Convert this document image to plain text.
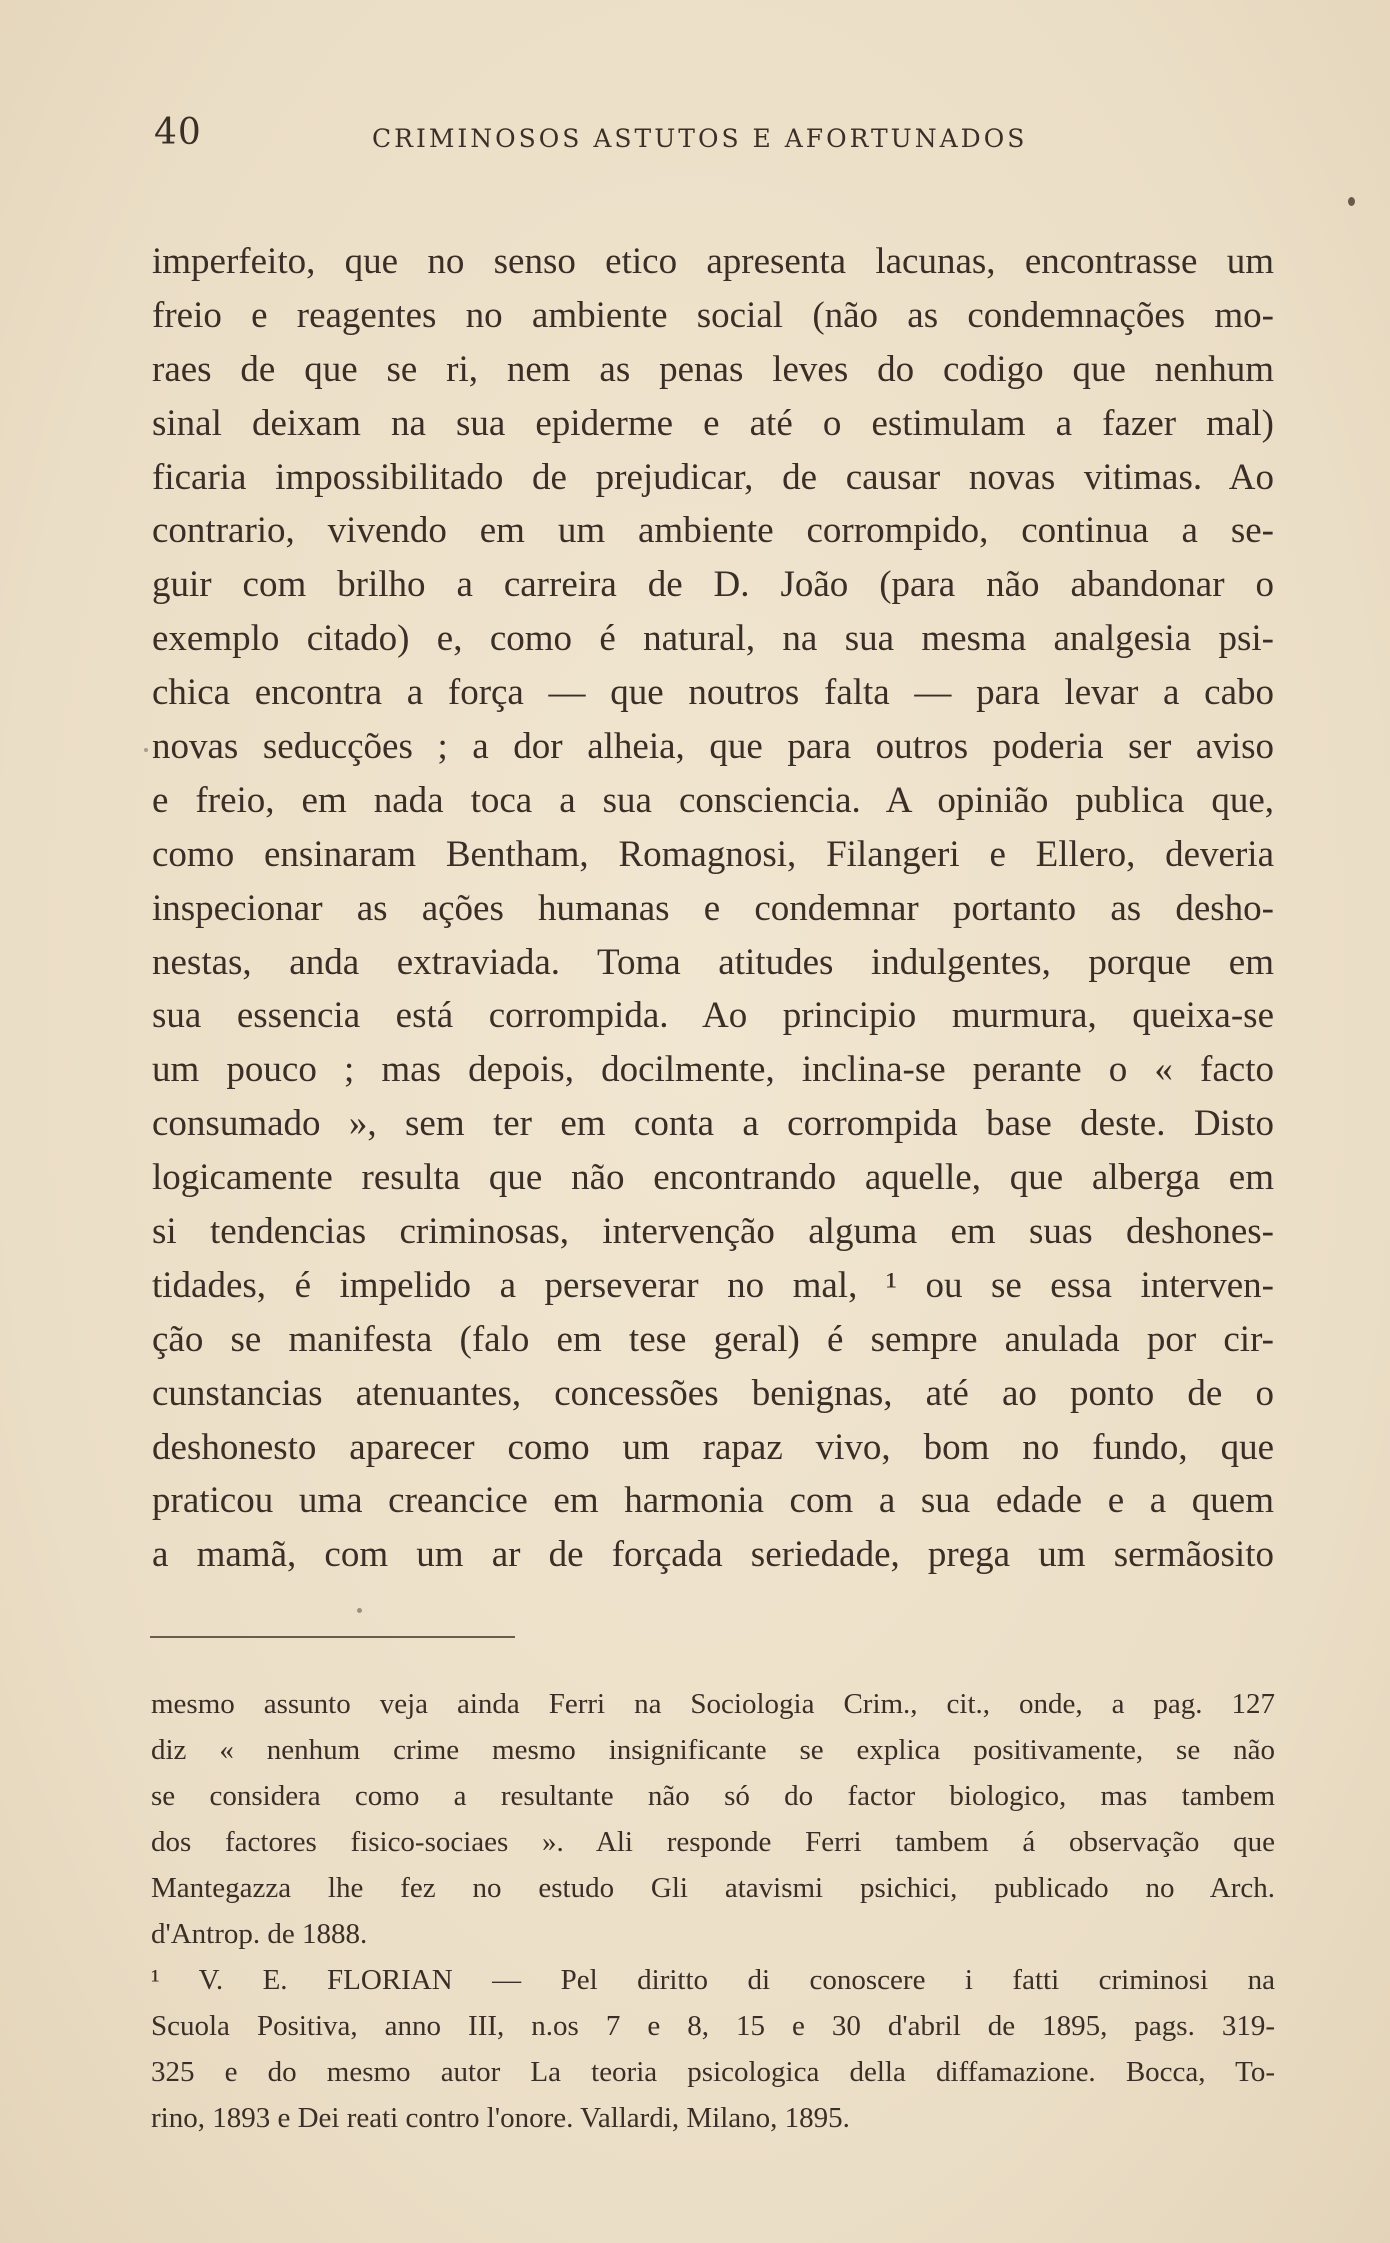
40	CRIMINOSOS ASTUTOS E AFORTUNADOS
imperfeito, que no senso etico apresenta lacunas, encontrasse um
freio e reagentes no ambiente social (não as condemnações mo-
raes de que se ri, nem as penas leves do codigo que nenhum
sinal deixam na sua epiderme e até o estimulam a fazer mal)
ficaria impossibilitado de prejudicar, de causar novas vitimas. Ao
contrario, vivendo em um ambiente corrompido, continua a se-
guir com brilho a carreira de D. João (para não abandonar o
exemplo citado) e, como é natural, na sua mesma analgesia psi-
chica encontra a força — que noutros falta — para levar a cabo
novas seducções ; a dor alheia, que para outros poderia ser aviso
e freio, em nada toca a sua consciencia. A opinião publica que,
como ensinaram Bentham, Romagnosi, Filangeri e Ellero, deveria
inspecionar as ações humanas e condemnar portanto as desho-
nestas, anda extraviada. Toma atitudes indulgentes, porque em
sua essencia está corrompida. Ao principio murmura, queixa-se
um pouco ; mas depois, docilmente, inclina-se perante o « facto
consumado », sem ter em conta a corrompida base deste. Disto
logicamente resulta que não encontrando aquelle, que alberga em
si tendencias criminosas, intervenção alguma em suas deshones-
tidades, é impelido a perseverar no mal, ¹ ou se essa interven-
ção se manifesta (falo em tese geral) é sempre anulada por cir-
cunstancias atenuantes, concessões benignas, até ao ponto de o
deshonesto aparecer como um rapaz vivo, bom no fundo, que
praticou uma creancice em harmonia com a sua edade e a quem
a mamã, com um ar de forçada seriedade, prega um sermãosito
mesmo assunto veja ainda Ferri na Sociologia Crim., cit., onde, a pag. 127
diz « nenhum crime mesmo insignificante se explica positivamente, se não
se considera como a resultante não só do factor biologico, mas tambem
dos factores fisico-sociaes ». Ali responde Ferri tambem á observação que
Mantegazza lhe fez no estudo Gli atavismi psichici, publicado no Arch.
d'Antrop. de 1888.
¹ V. E. FLORIAN — Pel diritto di conoscere i fatti criminosi na
Scuola Positiva, anno III, n.os 7 e 8, 15 e 30 d'abril de 1895, pags. 319-
325 e do mesmo autor La teoria psicologica della diffamazione. Bocca, To-
rino, 1893 e Dei reati contro l'onore. Vallardi, Milano, 1895.
